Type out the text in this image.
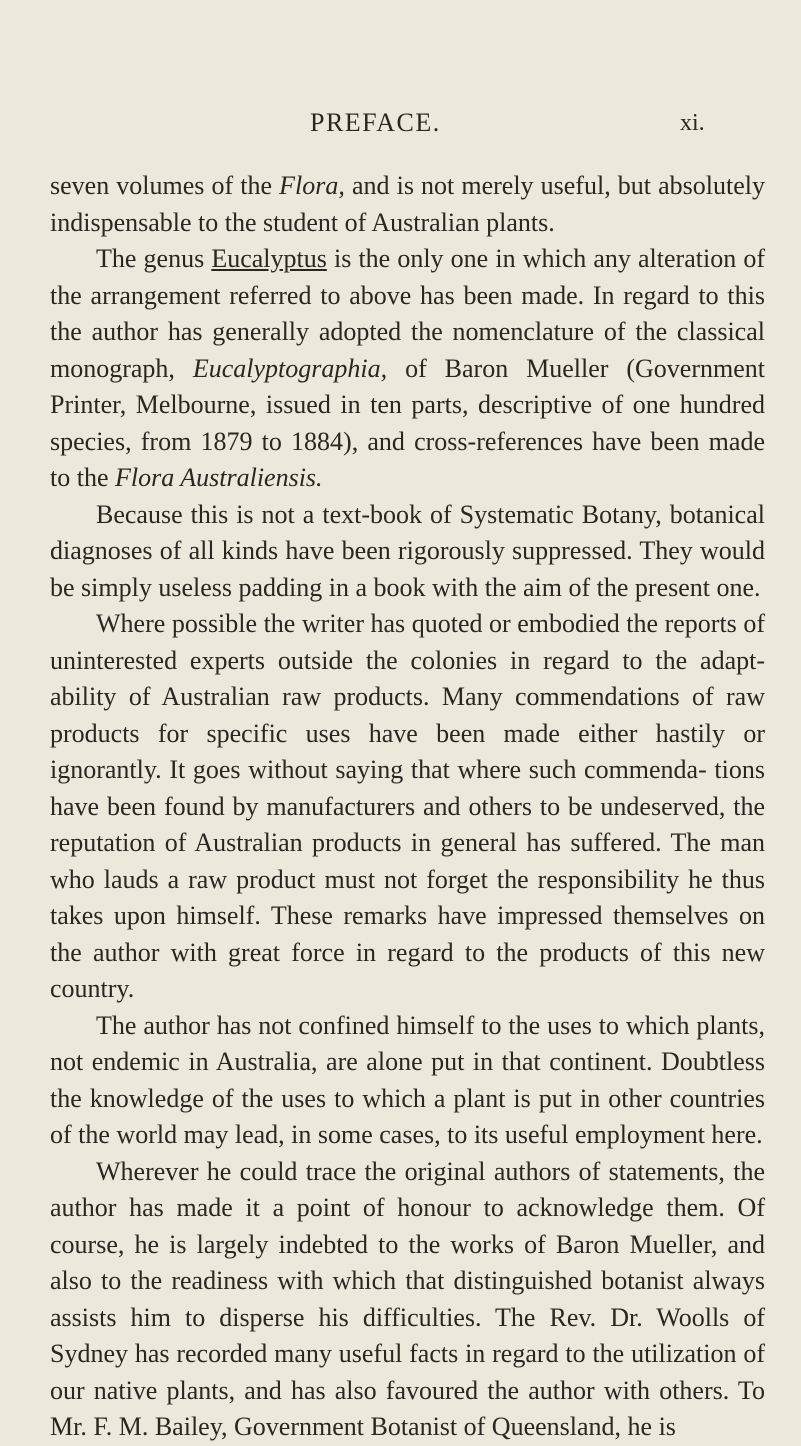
PREFACE.	xi.

seven volumes of the Flora, and is not merely useful, but absolutely indispensable to the student of Australian plants.

The genus Eucalyptus is the only one in which any alteration of the arrangement referred to above has been made. In regard to this the author has generally adopted the nomenclature of the classical monograph, Eucalyptographia, of Baron Mueller (Government Printer, Melbourne, issued in ten parts, descriptive of one hundred species, from 1879 to 1884), and cross-references have been made to the Flora Australiensis.

Because this is not a text-book of Systematic Botany, botanical diagnoses of all kinds have been rigorously suppressed. They would be simply useless padding in a book with the aim of the present one.

Where possible the writer has quoted or embodied the reports of uninterested experts outside the colonies in regard to the adapt- ability of Australian raw products. Many commendations of raw products for specific uses have been made either hastily or ignorantly. It goes without saying that where such commenda- tions have been found by manufacturers and others to be undeserved, the reputation of Australian products in general has suffered. The man who lauds a raw product must not forget the responsibility he thus takes upon himself. These remarks have impressed themselves on the author with great force in regard to the products of this new country.

The author has not confined himself to the uses to which plants, not endemic in Australia, are alone put in that continent. Doubtless the knowledge of the uses to which a plant is put in other countries of the world may lead, in some cases, to its useful employment here.

Wherever he could trace the original authors of statements, the author has made it a point of honour to acknowledge them. Of course, he is largely indebted to the works of Baron Mueller, and also to the readiness with which that distinguished botanist always assists him to disperse his difficulties. The Rev. Dr. Woolls of Sydney has recorded many useful facts in regard to the utilization of our native plants, and has also favoured the author with others. To Mr. F. M. Bailey, Government Botanist of Queensland, he is
